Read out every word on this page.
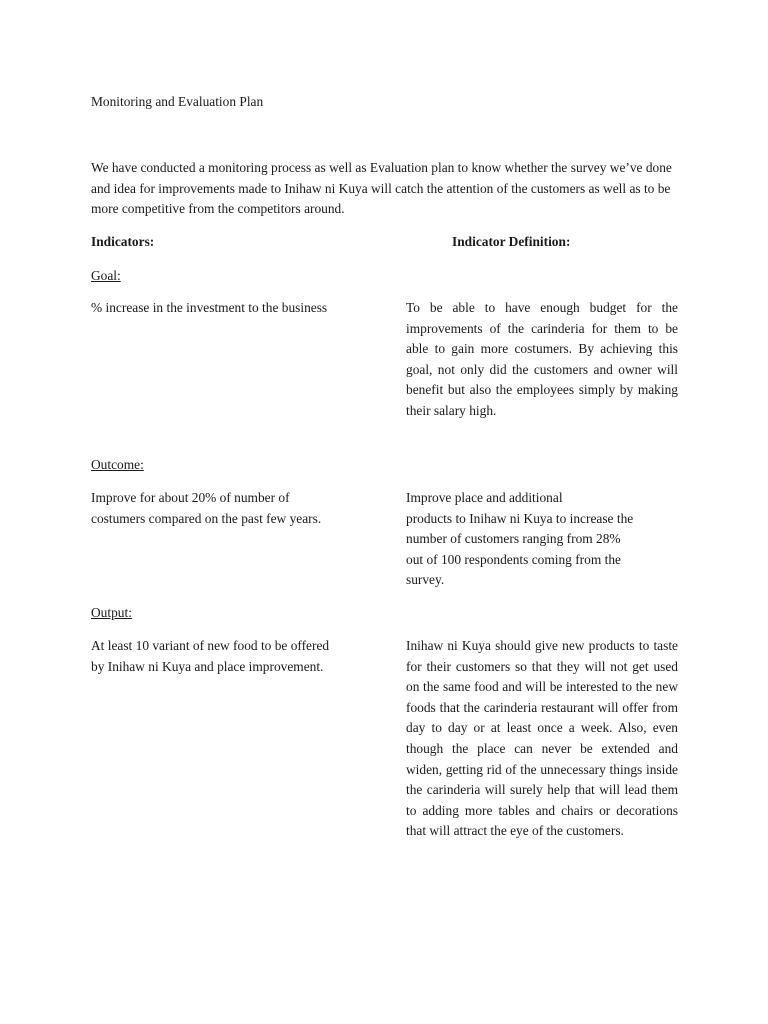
Monitoring and Evaluation Plan
We have conducted a monitoring process as well as Evaluation plan to know whether the survey we’ve done and idea for improvements made to Inihaw ni Kuya will catch the attention of the customers as well as to be more competitive from the competitors around.
Indicators:	Indicator Definition:
Goal:
% increase in the investment to the business	To be able to have enough budget for the improvements of the carinderia for them to be able to gain more costumers. By achieving this goal, not only did the customers and owner will benefit but also the employees simply by making their salary high.
Outcome:
Improve for about 20% of number of
costumers compared on the past few years.
Improve place and additional
products to Inihaw ni Kuya to increase the
number of customers ranging from 28%
out of 100 respondents coming from the
survey.
Output:
At least 10 variant of new food to be offered
by Inihaw ni Kuya and place improvement.
Inihaw ni Kuya should give new products to taste for their customers so that they will not get used on the same food and will be interested to the new foods that the carinderia restaurant will offer from day to day or at least once a week. Also, even though the place can never be extended and widen, getting rid of the unnecessary things inside the carinderia will surely help that will lead them to adding more tables and chairs or decorations that will attract the eye of the customers.
